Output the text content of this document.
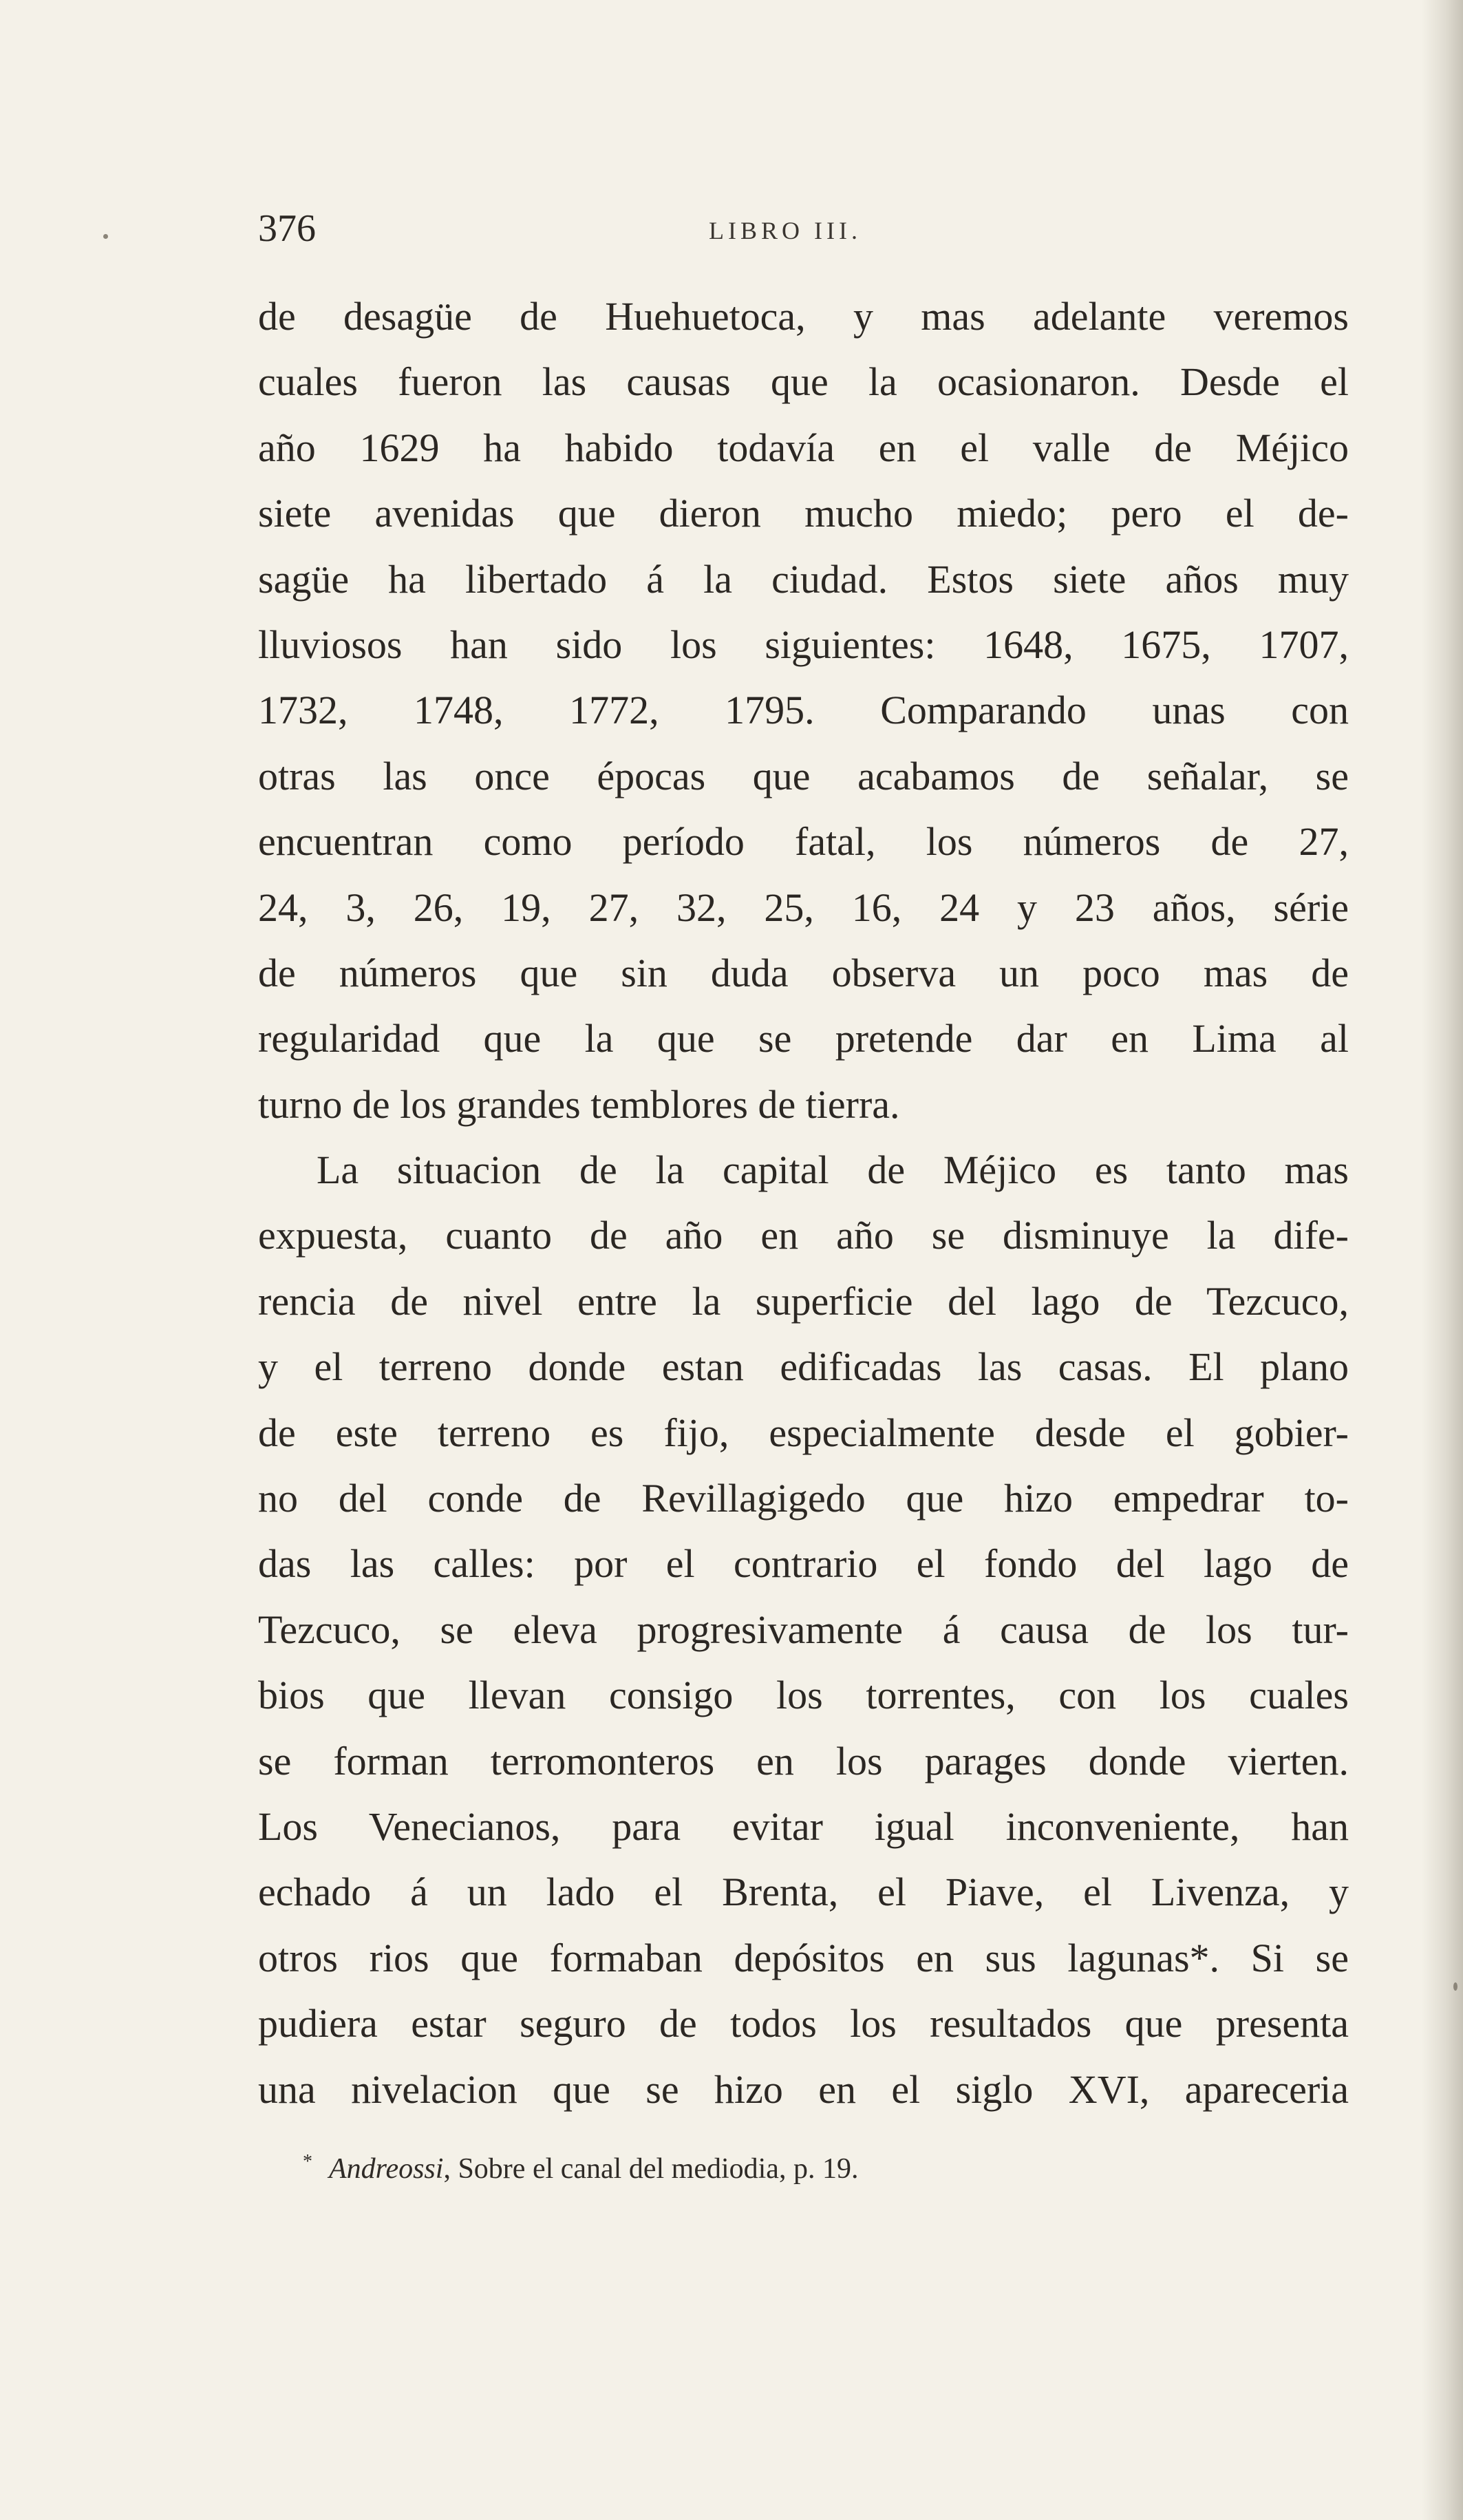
376	LIBRO III.
de desagüe de Huehuetoca, y mas adelante veremos
cuales fueron las causas que la ocasionaron. Desde el
año 1629 ha habido todavía en el valle de Méjico
siete avenidas que dieron mucho miedo; pero el de-
sagüe ha libertado á la ciudad. Estos siete años muy
lluviosos han sido los siguientes: 1648, 1675, 1707,
1732, 1748, 1772, 1795. Comparando unas con
otras las once épocas que acabamos de señalar, se
encuentran como período fatal, los números de 27,
24, 3, 26, 19, 27, 32, 25, 16, 24 y 23 años, série
de números que sin duda observa un poco mas de
regularidad que la que se pretende dar en Lima al
turno de los grandes temblores de tierra.
La situacion de la capital de Méjico es tanto mas
expuesta, cuanto de año en año se disminuye la dife-
rencia de nivel entre la superficie del lago de Tezcuco,
y el terreno donde estan edificadas las casas. El plano
de este terreno es fijo, especialmente desde el gobier-
no del conde de Revillagigedo que hizo empedrar to-
das las calles: por el contrario el fondo del lago de
Tezcuco, se eleva progresivamente á causa de los tur-
bios que llevan consigo los torrentes, con los cuales
se forman terromonteros en los parages donde vierten.
Los Venecianos, para evitar igual inconveniente, han
echado á un lado el Brenta, el Piave, el Livenza, y
otros rios que formaban depósitos en sus lagunas*. Si se
pudiera estar seguro de todos los resultados que presenta
una nivelacion que se hizo en el siglo XVI, apareceria
* Andreossi, Sobre el canal del mediodia, p. 19.
